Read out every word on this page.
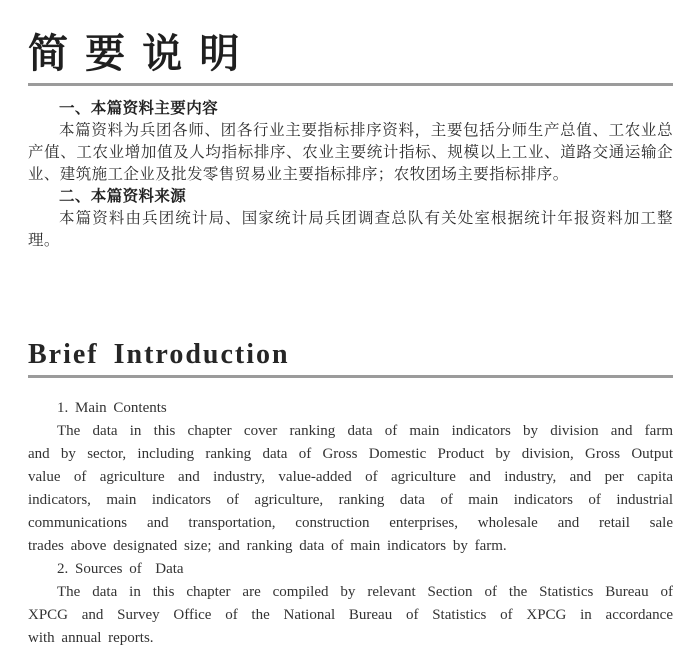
简 要 说 明
一、本篇资料主要内容
本篇资料为兵团各师、团各行业主要指标排序资料，主要包括分师生产总值、工农业总
产值、工农业增加值及人均指标排序、农业主要统计指标、规模以上工业、道路交通运输企
业、建筑施工企业及批发零售贸易业主要指标排序；农牧团场主要指标排序。
二、本篇资料来源
本篇资料由兵团统计局、国家统计局兵团调查总队有关处室根据统计年报资料加工整理。
Brief Introduction
1. Main Contents
The data in this chapter cover ranking data of main indicators by division and farm
and by sector, including ranking data of Gross Domestic Product by division, Gross Output
value of agriculture and industry, value-added of agriculture and industry, and per capita
indicators, main indicators of agriculture, ranking data of main indicators of industrial
communications and transportation, construction enterprises, wholesale and retail sale
trades above designated size; and ranking data of main indicators by farm.
2. Sources of  Data
The data in this chapter are compiled by relevant Section of the Statistics Bureau of
XPCG and Survey Office of the National Bureau of Statistics of XPCG in accordance
with annual reports.
